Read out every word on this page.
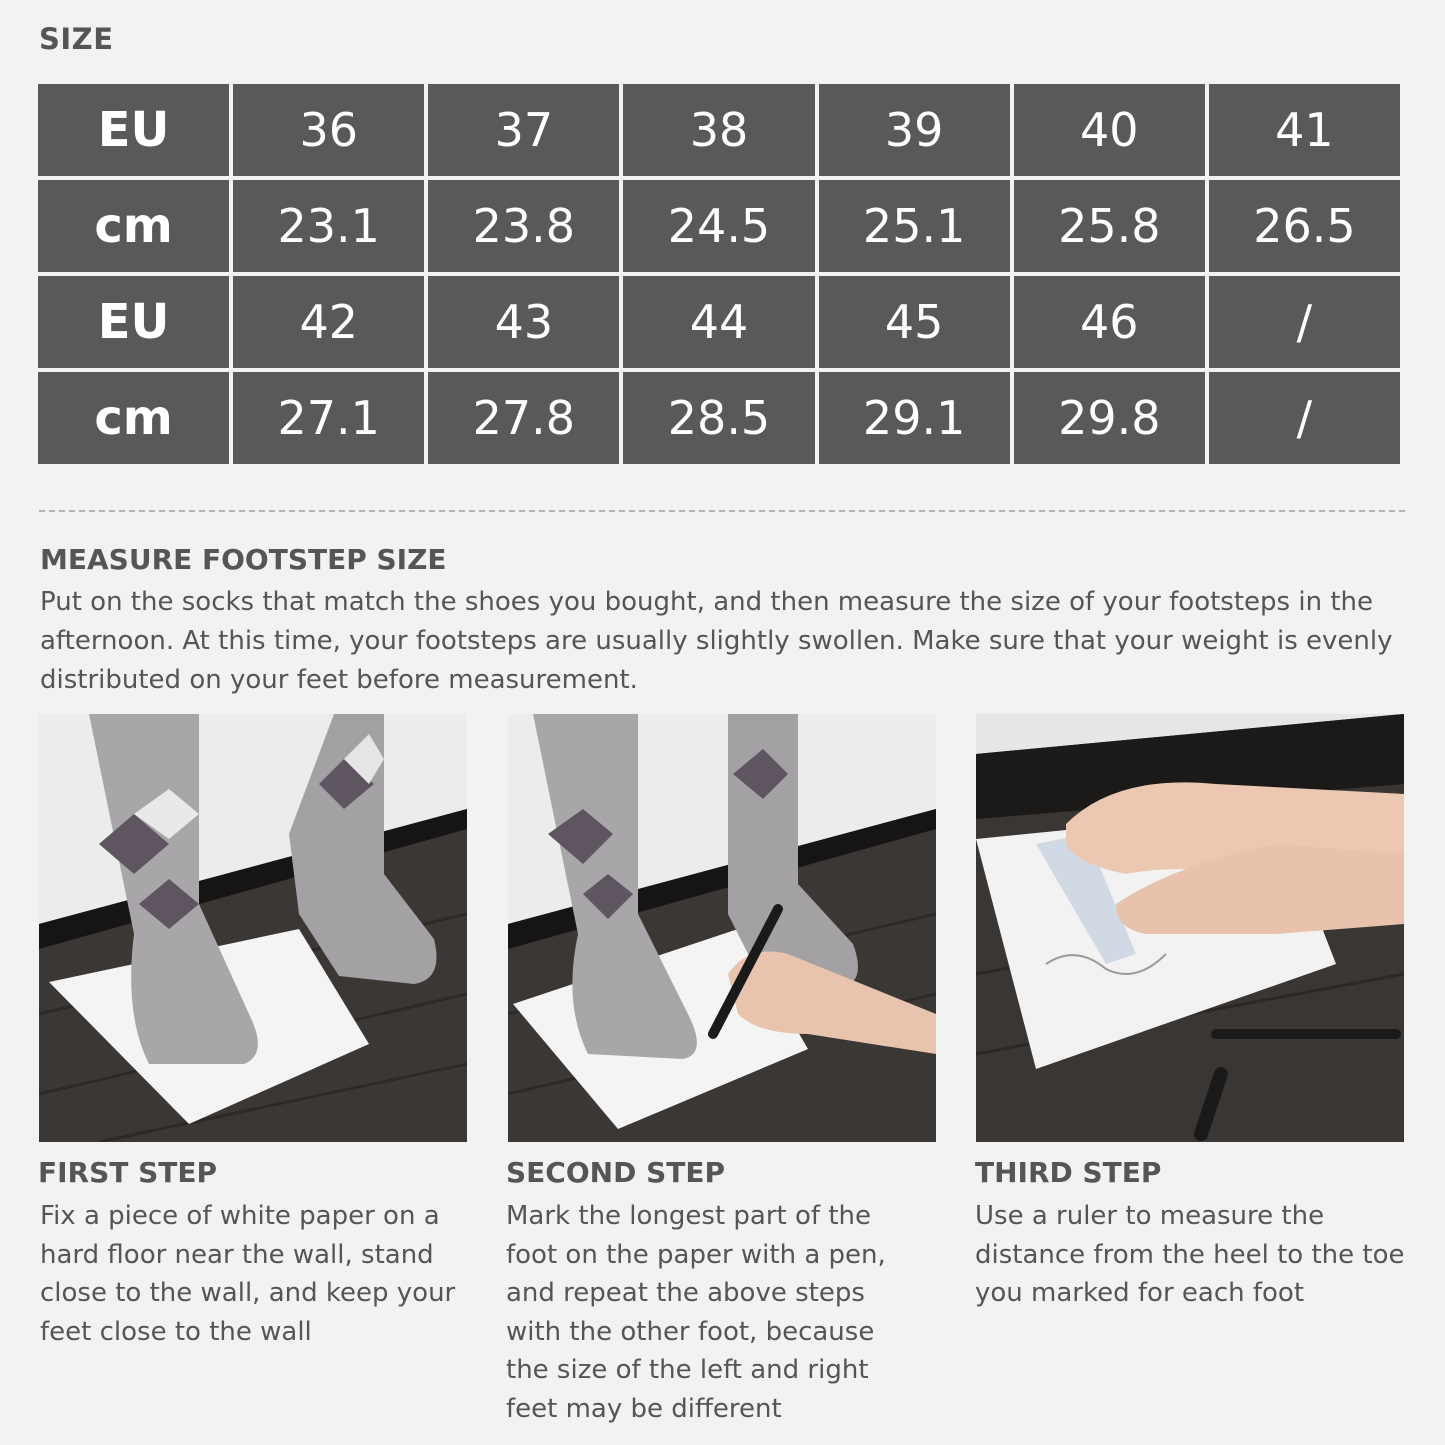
SIZE
EU	36	37	38	39	40	41
cm	23.1	23.8	24.5	25.1	25.8	26.5
EU	42	43	44	45	46	/
cm	27.1	27.8	28.5	29.1	29.8	/
MEASURE FOOTSTEP SIZE
Put on the socks that match the shoes you bought, and then measure the size of your footsteps in the afternoon. At this time, your footsteps are usually slightly swollen. Make sure that your weight is evenly distributed on your feet before measurement.
FIRST STEP
Fix a piece of white paper on a hard floor near the wall, stand close to the wall, and keep your feet close to the wall
SECOND STEP
Mark the longest part of the foot on the paper with a pen, and repeat the above steps with the other foot, because the size of the left and right feet may be different
THIRD STEP
Use a ruler to measure the distance from the heel to the toe you marked for each foot
